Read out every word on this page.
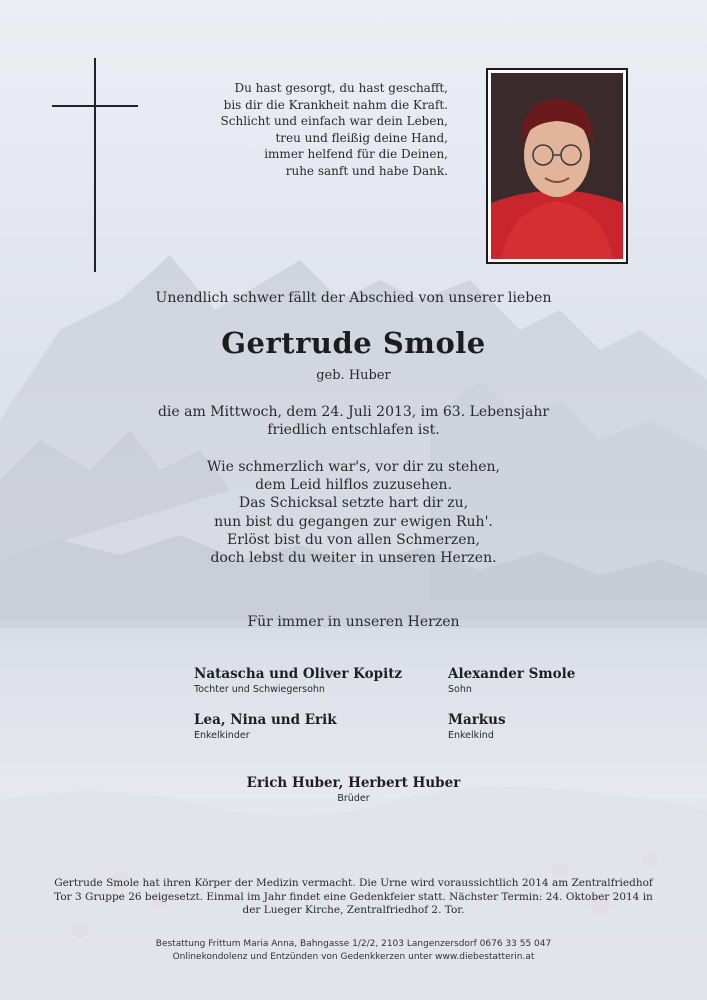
Du hast gesorgt, du hast geschafft,
bis dir die Krankheit nahm die Kraft.
Schlicht und einfach war dein Leben,
treu und fleißig deine Hand,
immer helfend für die Deinen,
ruhe sanft und habe Dank.
Unendlich schwer fällt der Abschied von unserer lieben
Gertrude Smole
geb. Huber
die am Mittwoch, dem 24. Juli 2013, im 63. Lebensjahr
friedlich entschlafen ist.
Wie schmerzlich war's, vor dir zu stehen,
dem Leid hilflos zuzusehen.
Das Schicksal setzte hart dir zu,
nun bist du gegangen zur ewigen Ruh'.
Erlöst bist du von allen Schmerzen,
doch lebst du weiter in unseren Herzen.
Für immer in unseren Herzen
Natascha und Oliver Kopitz
Tochter und Schwiegersohn
Alexander Smole
Sohn
Lea, Nina und Erik
Enkelkinder
Markus
Enkelkind
Erich Huber, Herbert Huber
Brüder
Gertrude Smole hat ihren Körper der Medizin vermacht. Die Urne wird voraussichtlich 2014 am Zentralfriedhof
Tor 3 Gruppe 26 beigesetzt. Einmal im Jahr findet eine Gedenkfeier statt. Nächster Termin: 24. Oktober 2014 in
der Lueger Kirche, Zentralfriedhof 2. Tor.
Bestattung Frittum Maria Anna, Bahngasse 1/2/2, 2103 Langenzersdorf 0676 33 55 047
Onlinekondolenz und Entzünden von Gedenkkerzen unter www.diebestatterin.at
